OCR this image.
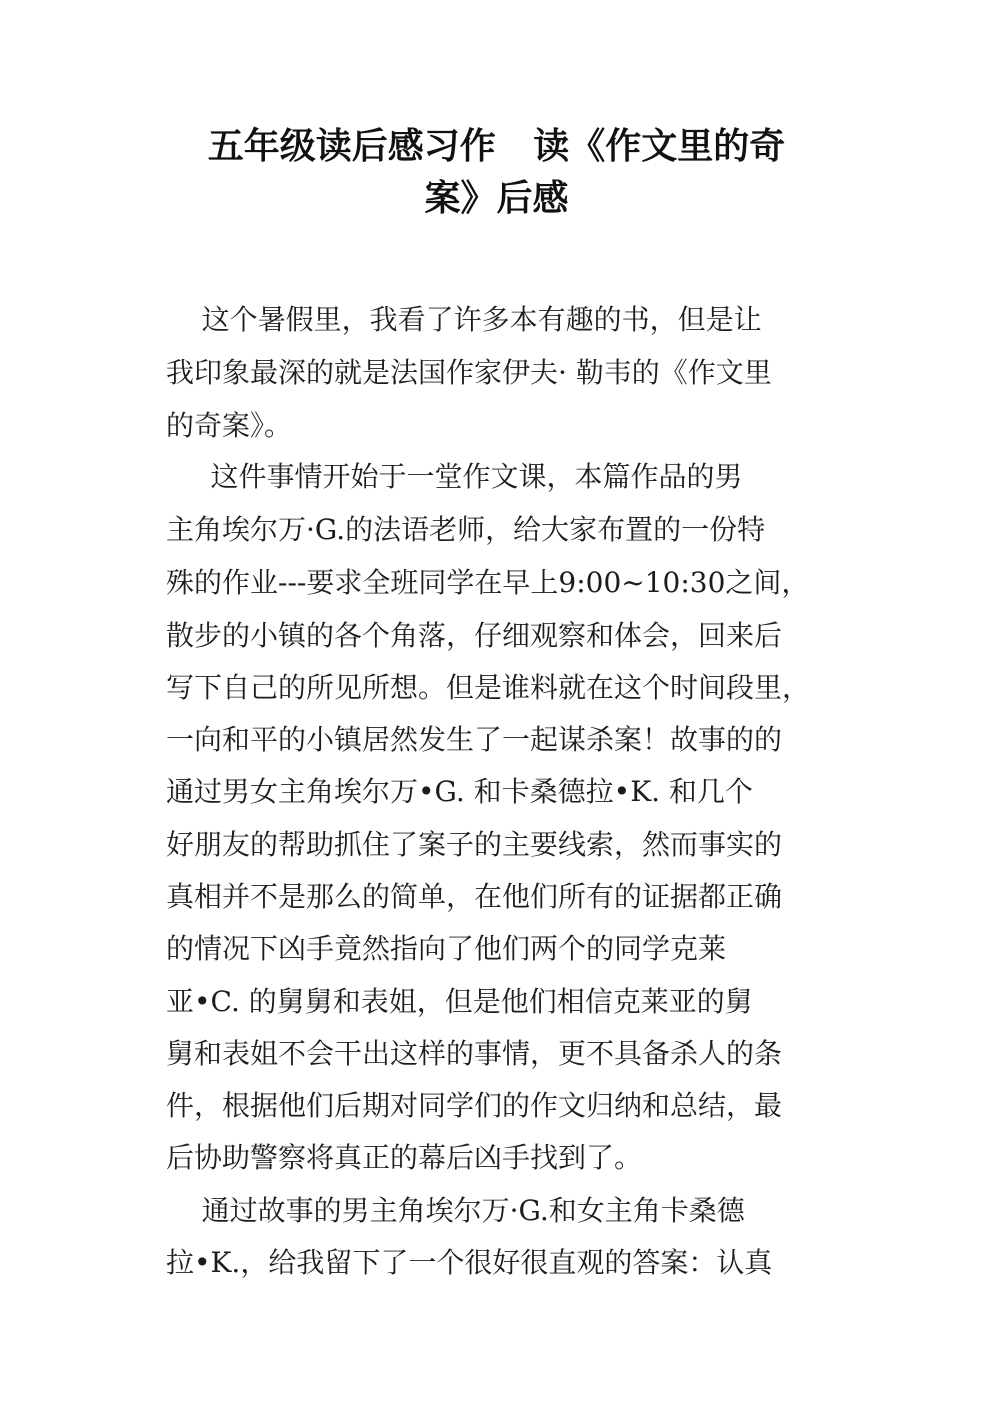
五年级读后感习作   读《作文里的奇
案》后感
这个暑假里，我看了许多本有趣的书，但是让
我印象最深的就是法国作家伊夫· 勒韦的《作文里
的奇案》。
这件事情开始于一堂作文课，本篇作品的男
主角埃尔万·G.的法语老师，给大家布置的一份特
殊的作业---要求全班同学在早上9:00~10:30之间，
散步的小镇的各个角落，仔细观察和体会，回来后
写下自己的所见所想。但是谁料就在这个时间段里，
一向和平的小镇居然发生了一起谋杀案！故事的的
通过男女主角埃尔万•G. 和卡桑德拉•K. 和几个
好朋友的帮助抓住了案子的主要线索，然而事实的
真相并不是那么的简单，在他们所有的证据都正确
的情况下凶手竟然指向了他们两个的同学克莱
亚•C. 的舅舅和表姐，但是他们相信克莱亚的舅
舅和表姐不会干出这样的事情，更不具备杀人的条
件，根据他们后期对同学们的作文归纳和总结，最
后协助警察将真正的幕后凶手找到了。
通过故事的男主角埃尔万·G.和女主角卡桑德
拉•K.，给我留下了一个很好很直观的答案：认真
